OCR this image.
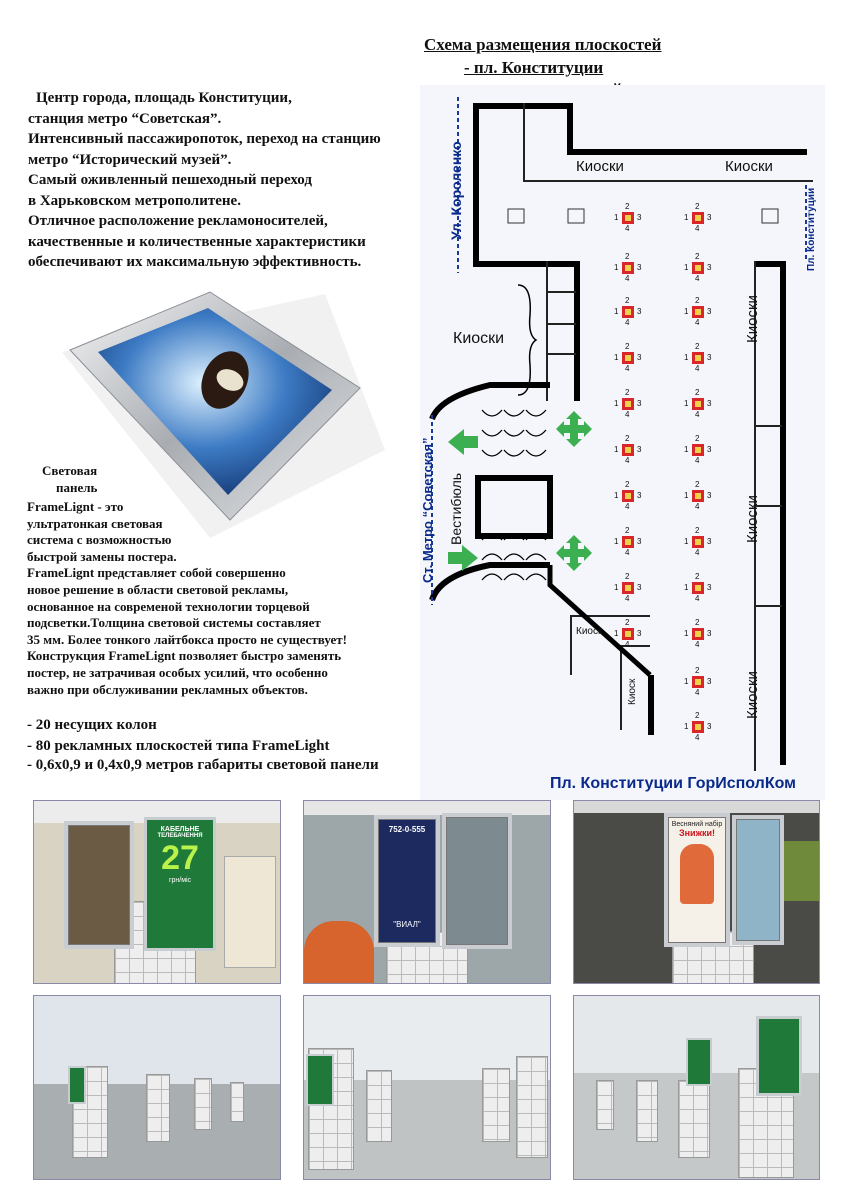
Схема размещения плоскостей
- пл. Конституции
Центр города, площадь Конституции,
станция метро “Советская”.
Интенсивный пассажиропоток, переход на станцию
метро “Исторический музей”.
Самый оживленный пешеходный переход
в Харьковском метрополитене.
Отличное расположение рекламоносителей,
качественные и количественные характеристики
обеспечивают их максимальную эффективность.
Световая
панель
FrameLignt - это
ультратонкая световая
система с возможностью
быстрой замены постера.
FrameLignt представляет собой совершенно
новое решение в области световой рекламы,
основанное на современой технологии торцевой
подсветки.Толщина световой системы составляет
35 мм. Более тонкого лайтбокса просто не существует!
Конструкция FrameLignt позволяет быстро заменять
постер, не затрачивая особых усилий, что особенно
важно при обслуживании рекламных объектов.
- 20 несущих колон
- 80 рекламных плоскостей типа FrameLight
- 0,6х0,9 и 0,4х0,9 метров габариты световой панели
Киоски	Киоски
Киоски	Киоски
Киоски
Киоски
Киоск
Киоск
Ул. Короленко	Пл. Конституции
Ст. Метро “Советская” Вестибюль
Пл. Конституции ГорИсполКом
2
3
4
1
2
3
4
1
2
3
4
1
2
3
4
1
2
3
4
1
2
3
4
1
2
3
4
1
2
3
4
1
2
3
4
1
2
3
4
1
2
3
4
1
2
3
4
1
2
3
4
1
2
3
4
1
2
3
4
1
2
3
4
1
2
3
4
1
2
3
4
1
2
3
4
1
2
3
4
1
2
3
4
1
2
3
4
1
КАБЕЛЬНЕ
ТЕЛЕБАЧЕННЯ
27
грн/міс
752-0-555
"ВИАЛ"
Весняний набір
Знижки!
